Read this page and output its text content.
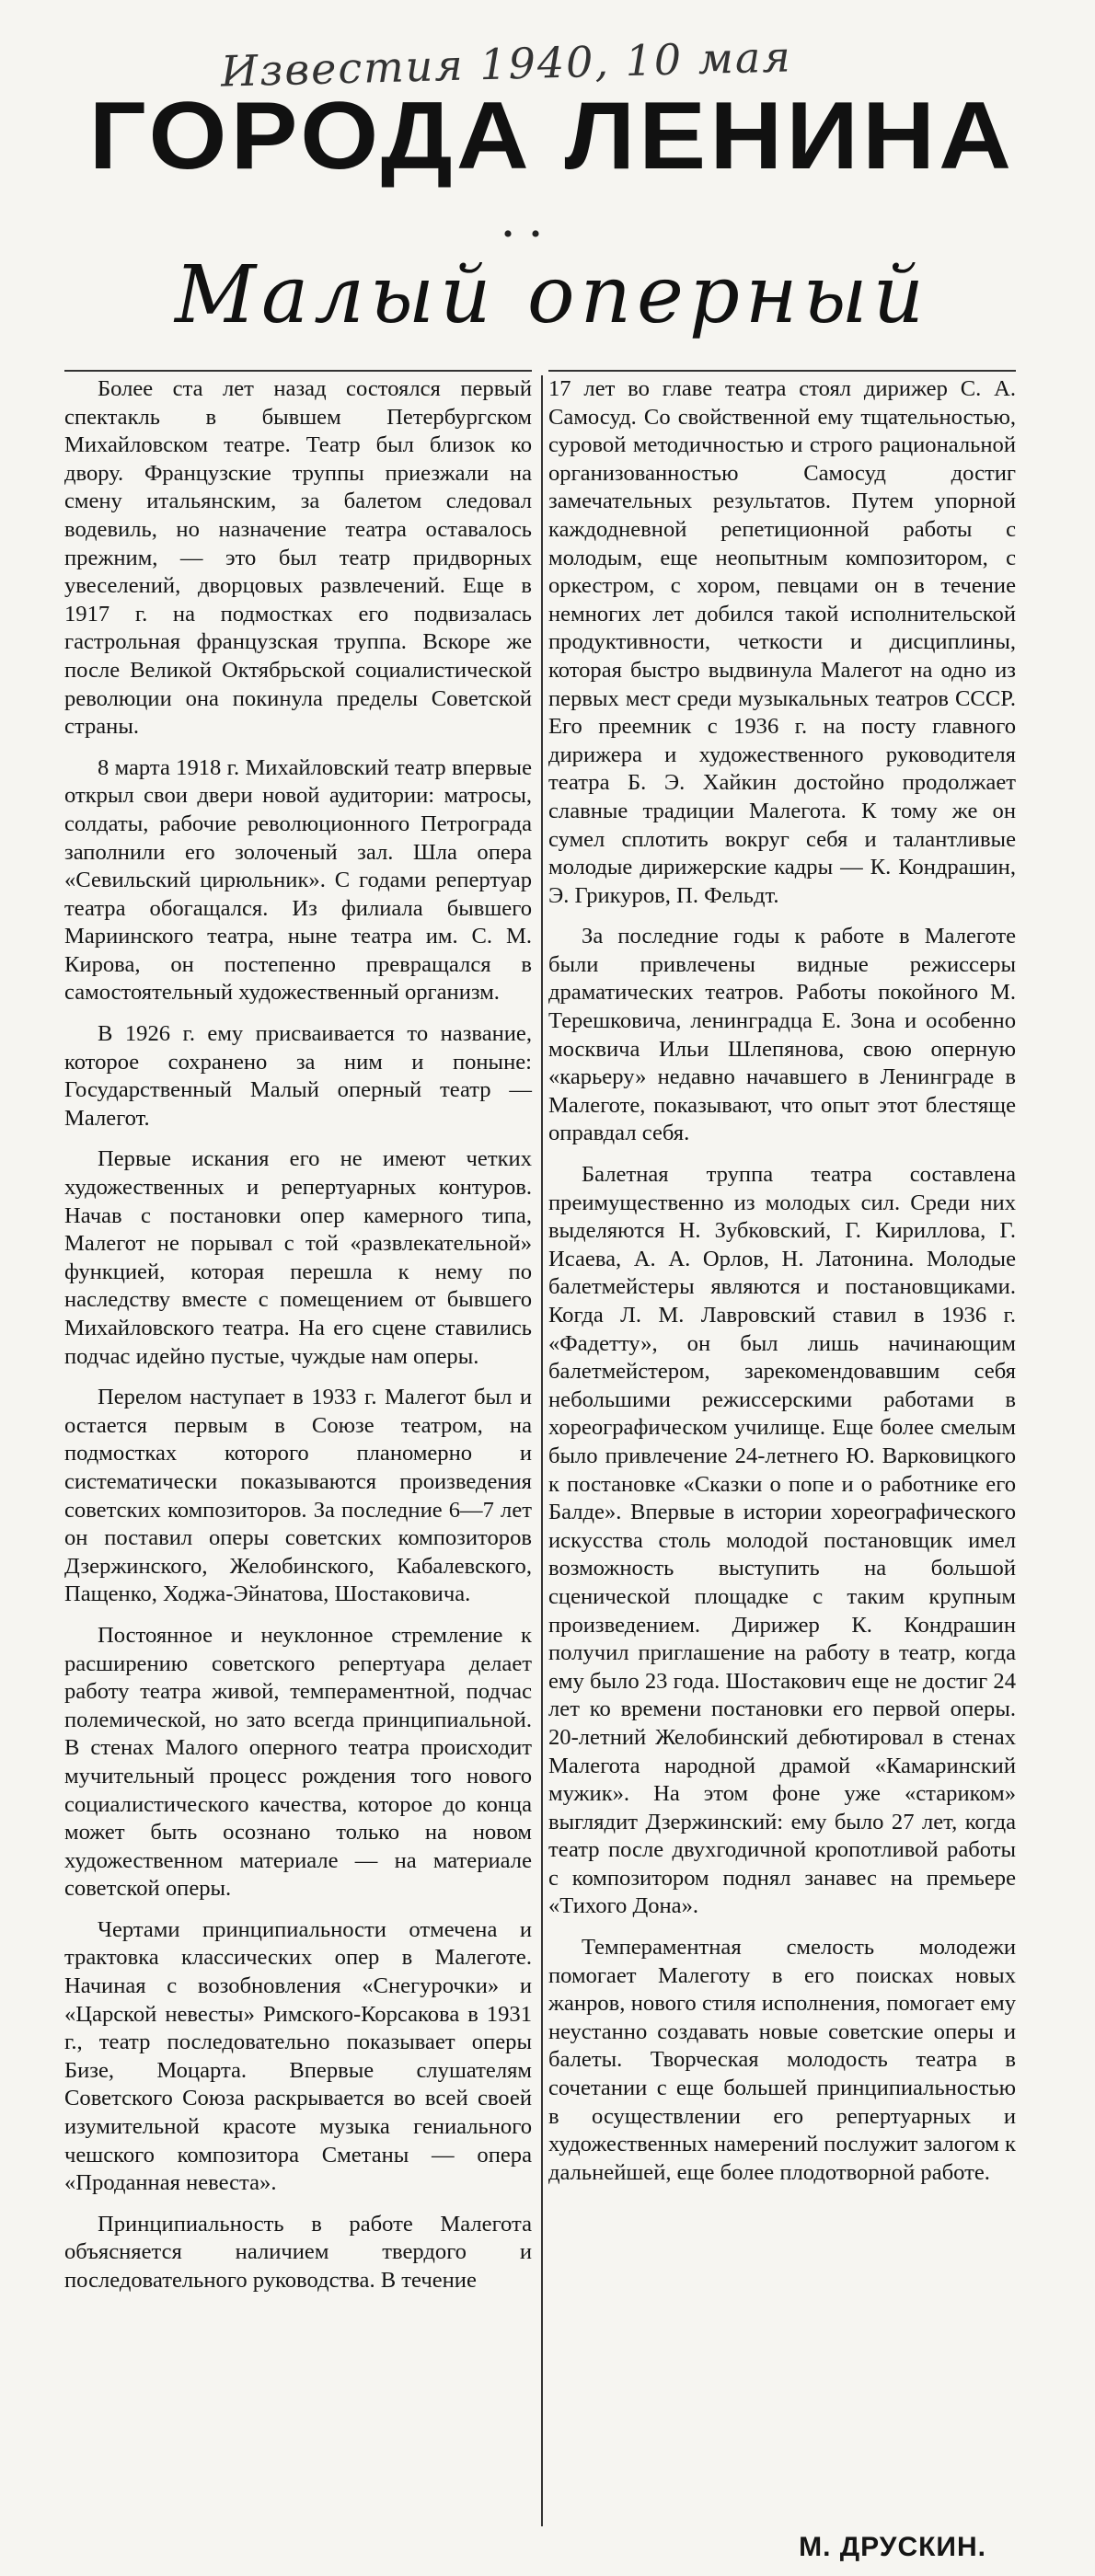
Известия 1940, 10 мая
ГОРОДА ЛЕНИНА
• •
Малый оперный

Более ста лет назад состоялся первый спектакль в бывшем Петербургском Михайловском театре. Театр был близок ко двору. Французские труппы приезжали на смену итальянским, за балетом следовал водевиль, но назначение театра оставалось прежним, — это был театр придворных увеселений, дворцовых развлечений. Еще в 1917 г. на подмостках его подвизалась гастрольная французская труппа. Вскоре же после Великой Октябрьской социалистической революции она покинула пределы Советской страны.

8 марта 1918 г. Михайловский театр впервые открыл свои двери новой аудитории: матросы, солдаты, рабочие революционного Петрограда заполнили его золоченый зал. Шла опера «Севильский цирюльник». С годами репертуар театра обогащался. Из филиала бывшего Мариинского театра, ныне театра им. С. М. Кирова, он постепенно превращался в самостоятельный художественный организм.

В 1926 г. ему присваивается то название, которое сохранено за ним и поныне: Государственный Малый оперный театр — Малегот.

Первые искания его не имеют четких художественных и репертуарных контуров. Начав с постановки опер камерного типа, Малегот не порывал с той «развлекательной» функцией, которая перешла к нему по наследству вместе с помещением от бывшего Михайловского театра. На его сцене ставились подчас идейно пустые, чуждые нам оперы.

Перелом наступает в 1933 г. Малегот был и остается первым в Союзе театром, на подмостках которого планомерно и систематически показываются произведения советских композиторов. За последние 6—7 лет он поставил оперы советских композиторов Дзержинского, Желобинского, Кабалевского, Пащенко, Ходжа-Эйнатова, Шостаковича.

Постоянное и неуклонное стремление к расширению советского репертуара делает работу театра живой, темпераментной, подчас полемической, но зато всегда принципиальной. В стенах Малого оперного театра происходит мучительный процесс рождения того нового социалистического качества, которое до конца может быть осознано только на новом художественном материале — на материале советской оперы.

Чертами принципиальности отмечена и трактовка классических опер в Малеготе. Начиная с возобновления «Снегурочки» и «Царской невесты» Римского-Корсакова в 1931 г., театр последовательно показывает оперы Бизе, Моцарта. Впервые слушателям Советского Союза раскрывается во всей своей изумительной красоте музыка гениального чешского композитора Сметаны — опера «Проданная невеста».

Принципиальность в работе Малегота объясняется наличием твердого и последовательного руководства. В течение

17 лет во главе театра стоял дирижер С. А. Самосуд. Со свойственной ему тщательностью, суровой методичностью и строго рациональной организованностью Самосуд достиг замечательных результатов. Путем упорной каждодневной репетиционной работы с молодым, еще неопытным композитором, с оркестром, с хором, певцами он в течение немногих лет добился такой исполнительской продуктивности, четкости и дисциплины, которая быстро выдвинула Малегот на одно из первых мест среди музыкальных театров СССР. Его преемник с 1936 г. на посту главного дирижера и художественного руководителя театра Б. Э. Хайкин достойно продолжает славные традиции Малегота. К тому же он сумел сплотить вокруг себя и талантливые молодые дирижерские кадры — К. Кондрашин, Э. Грикуров, П. Фельдт.

За последние годы к работе в Малеготе были привлечены видные режиссеры драматических театров. Работы покойного М. Терешковича, ленинградца Е. Зона и особенно москвича Ильи Шлепянова, свою оперную «карьеру» недавно начавшего в Ленинграде в Малеготе, показывают, что опыт этот блестяще оправдал себя.

Балетная труппа театра составлена преимущественно из молодых сил. Среди них выделяются Н. Зубковский, Г. Кириллова, Г. Исаева, А. А. Орлов, Н. Латонина. Молодые балетмейстеры являются и постановщиками. Когда Л. М. Лавровский ставил в 1936 г. «Фадетту», он был лишь начинающим балетмейстером, зарекомендовавшим себя небольшими режиссерскими работами в хореографическом училище. Еще более смелым было привлечение 24-летнего Ю. Варковицкого к постановке «Сказки о попе и о работнике его Балде». Впервые в истории хореографического искусства столь молодой постановщик имел возможность выступить на большой сценической площадке с таким крупным произведением. Дирижер К. Кондрашин получил приглашение на работу в театр, когда ему было 23 года. Шостакович еще не достиг 24 лет ко времени постановки его первой оперы. 20-летний Желобинский дебютировал в стенах Малегота народной драмой «Камаринский мужик». На этом фоне уже «стариком» выглядит Дзержинский: ему было 27 лет, когда театр после двухгодичной кропотливой работы с композитором поднял занавес на премьере «Тихого Дона».

Темпераментная смелость молодежи помогает Малеготу в его поисках новых жанров, нового стиля исполнения, помогает ему неустанно создавать новые советские оперы и балеты. Творческая молодость театра в сочетании с еще большей принципиальностью в осуществлении его репертуарных и художественных намерений послужит залогом к дальнейшей, еще более плодотворной работе.

М. ДРУСКИН.
